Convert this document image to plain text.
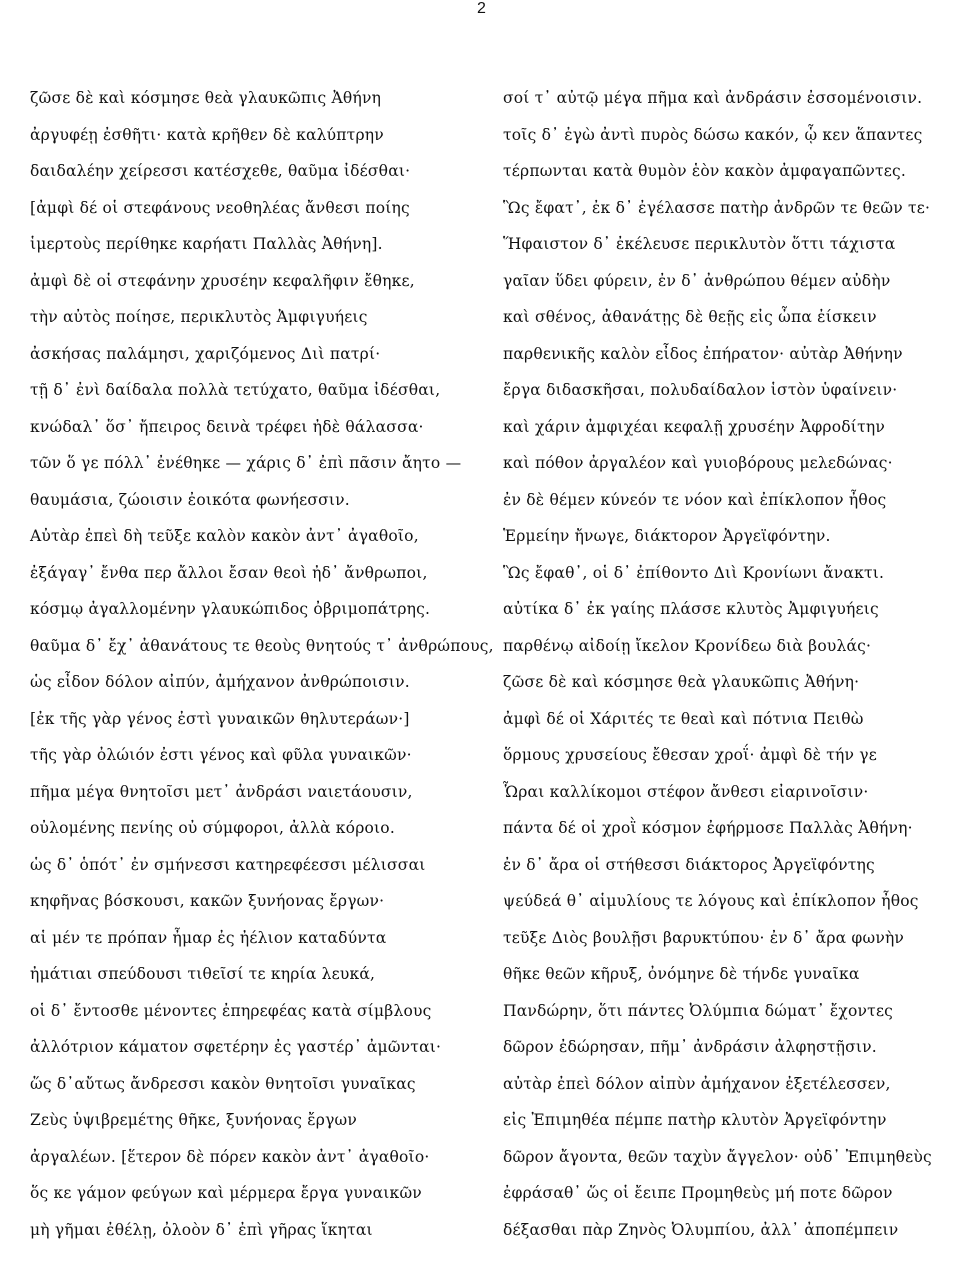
2
ζῶσε δὲ καὶ κόσμησε θεὰ γλαυκῶπις Ἀθήνη
ἀργυφέῃ ἐσθῆτι· κατὰ κρῆθεν δὲ καλύπτρην
δαιδαλέην χείρεσσι κατέσχεθε, θαῦμα ἰδέσθαι·
[ἀμφὶ δέ οἱ στεφάνους νεοθηλέας ἄνθεσι ποίης
ἱμερτοὺς περίθηκε καρήατι Παλλὰς Ἀθήνη].
ἀμφὶ δὲ οἱ στεφάνην χρυσέην κεφαλῆφιν ἔθηκε,
τὴν αὐτὸς ποίησε, περικλυτὸς Ἀμφιγυήεις
ἀσκήσας παλάμησι, χαριζόμενος Διὶ πατρί·
τῇ δ᾽ ἐνὶ δαίδαλα πολλὰ τετύχατο, θαῦμα ἰδέσθαι,
κνώδαλ᾽ ὅσ᾽ ἤπειρος δεινὰ τρέφει ἠδὲ θάλασσα·
τῶν ὅ γε πόλλ᾽ ἐνέθηκε — χάρις δ᾽ ἐπὶ πᾶσιν ἄητο —
θαυμάσια, ζώοισιν ἐοικότα φωνήεσσιν.
Αὐτὰρ ἐπεὶ δὴ τεῦξε καλὸν κακὸν ἀντ᾽ ἀγαθοῖο,
ἐξάγαγ᾽ ἔνθα περ ἄλλοι ἔσαν θεοὶ ἠδ᾽ ἄνθρωποι,
κόσμῳ ἀγαλλομένην γλαυκώπιδος ὀβριμοπάτρης.
θαῦμα δ᾽ ἔχ᾽ ἀθανάτους τε θεοὺς θνητούς τ᾽ ἀνθρώπους,
ὡς εἶδον δόλον αἰπύν, ἀμήχανον ἀνθρώποισιν.
[ἐκ τῆς γὰρ γένος ἐστὶ γυναικῶν θηλυτεράων·]
τῆς γὰρ ὀλώιόν ἐστι γένος καὶ φῦλα γυναικῶν·
πῆμα μέγα θνητοῖσι μετ᾽ ἀνδράσι ναιετάουσιν,
οὐλομένης πενίης οὐ σύμφοροι, ἀλλὰ κόροιο.
ὡς δ᾽ ὁπότ᾽ ἐν σμήνεσσι κατηρεφέεσσι μέλισσαι
κηφῆνας βόσκουσι, κακῶν ξυνήονας ἔργων·
αἱ μέν τε πρόπαν ἦμαρ ἐς ἠέλιον καταδύντα
ἠμάτιαι σπεύδουσι τιθεῖσί τε κηρία λευκά,
οἱ δ᾽ ἔντοσθε μένοντες ἐπηρεφέας κατὰ σίμβλους
ἀλλότριον κάματον σφετέρην ἐς γαστέρ᾽ ἀμῶνται·
ὥς δ᾽αὔτως ἄνδρεσσι κακὸν θνητοῖσι γυναῖκας
Ζεὺς ὑψιβρεμέτης θῆκε, ξυνήονας ἔργων
ἀργαλέων. [ἕτερον δὲ πόρεν κακὸν ἀντ᾽ ἀγαθοῖο·
ὅς κε γάμον φεύγων καὶ μέρμερα ἔργα γυναικῶν
μὴ γῆμαι ἐθέλῃ, ὀλοὸν δ᾽ ἐπὶ γῆρας ἵκηται
σοί τ᾽ αὐτῷ μέγα πῆμα καὶ ἀνδράσιν ἐσσομένοισιν.
τοῖς δ᾽ ἐγὼ ἀντὶ πυρὸς δώσω κακόν, ᾧ κεν ἅπαντες
τέρπωνται κατὰ θυμὸν ἑὸν κακὸν ἀμφαγαπῶντες.
Ὣς ἔφατ᾽, ἐκ δ᾽ ἐγέλασσε πατὴρ ἀνδρῶν τε θεῶν τε·
Ἥφαιστον δ᾽ ἐκέλευσε περικλυτὸν ὅττι τάχιστα
γαῖαν ὕδει φύρειν, ἐν δ᾽ ἀνθρώπου θέμεν αὐδὴν
καὶ σθένος, ἀθανάτῃς δὲ θεῇς εἰς ὦπα ἐίσκειν
παρθενικῆς καλὸν εἶδος ἐπήρατον· αὐτὰρ Ἀθήνην
ἔργα διδασκῆσαι, πολυδαίδαλον ἱστὸν ὑφαίνειν·
καὶ χάριν ἀμφιχέαι κεφαλῇ χρυσέην Ἀφροδίτην
καὶ πόθον ἀργαλέον καὶ γυιοβόρους μελεδώνας·
ἐν δὲ θέμεν κύνεόν τε νόον καὶ ἐπίκλοπον ἦθος
Ἑρμείην ἤνωγε, διάκτορον Ἀργεϊφόντην.
Ὣς ἔφαθ᾽, οἱ δ᾽ ἐπίθοντο Διὶ Κρονίωνι ἄνακτι.
αὐτίκα δ᾽ ἐκ γαίης πλάσσε κλυτὸς Ἀμφιγυήεις
παρθένῳ αἰδοίῃ ἴκελον Κρονίδεω διὰ βουλάς·
ζῶσε δὲ καὶ κόσμησε θεὰ γλαυκῶπις Ἀθήνη·
ἀμφὶ δέ οἱ Χάριτές τε θεαὶ καὶ πότνια Πειθὼ
ὅρμους χρυσείους ἔθεσαν χροΐ· ἀμφὶ δὲ τήν γε
Ὧραι καλλίκομοι στέφον ἄνθεσι εἰαρινοῖσιν·
πάντα δέ οἱ χροῒ κόσμον ἐφήρμοσε Παλλὰς Ἀθήνη·
ἐν δ᾽ ἄρα οἱ στήθεσσι διάκτορος Ἀργεϊφόντης
ψεύδεά θ᾽ αἱμυλίους τε λόγους καὶ ἐπίκλοπον ἦθος
τεῦξε Διὸς βουλῇσι βαρυκτύπου· ἐν δ᾽ ἄρα φωνὴν
θῆκε θεῶν κῆρυξ, ὀνόμηνε δὲ τήνδε γυναῖκα
Πανδώρην, ὅτι πάντες Ὀλύμπια δώματ᾽ ἔχοντες
δῶρον ἐδώρησαν, πῆμ᾽ ἀνδράσιν ἀλφηστῇσιν.
αὐτὰρ ἐπεὶ δόλον αἰπὺν ἀμήχανον ἐξετέλεσσεν,
εἰς Ἐπιμηθέα πέμπε πατὴρ κλυτὸν Ἀργεϊφόντην
δῶρον ἄγοντα, θεῶν ταχὺν ἄγγελον· οὐδ᾽ Ἐπιμηθεὺς
ἐφράσαθ᾽ ὥς οἱ ἔειπε Προμηθεὺς μή ποτε δῶρον
δέξασθαι πὰρ Ζηνὸς Ὀλυμπίου, ἀλλ᾽ ἀποπέμπειν
